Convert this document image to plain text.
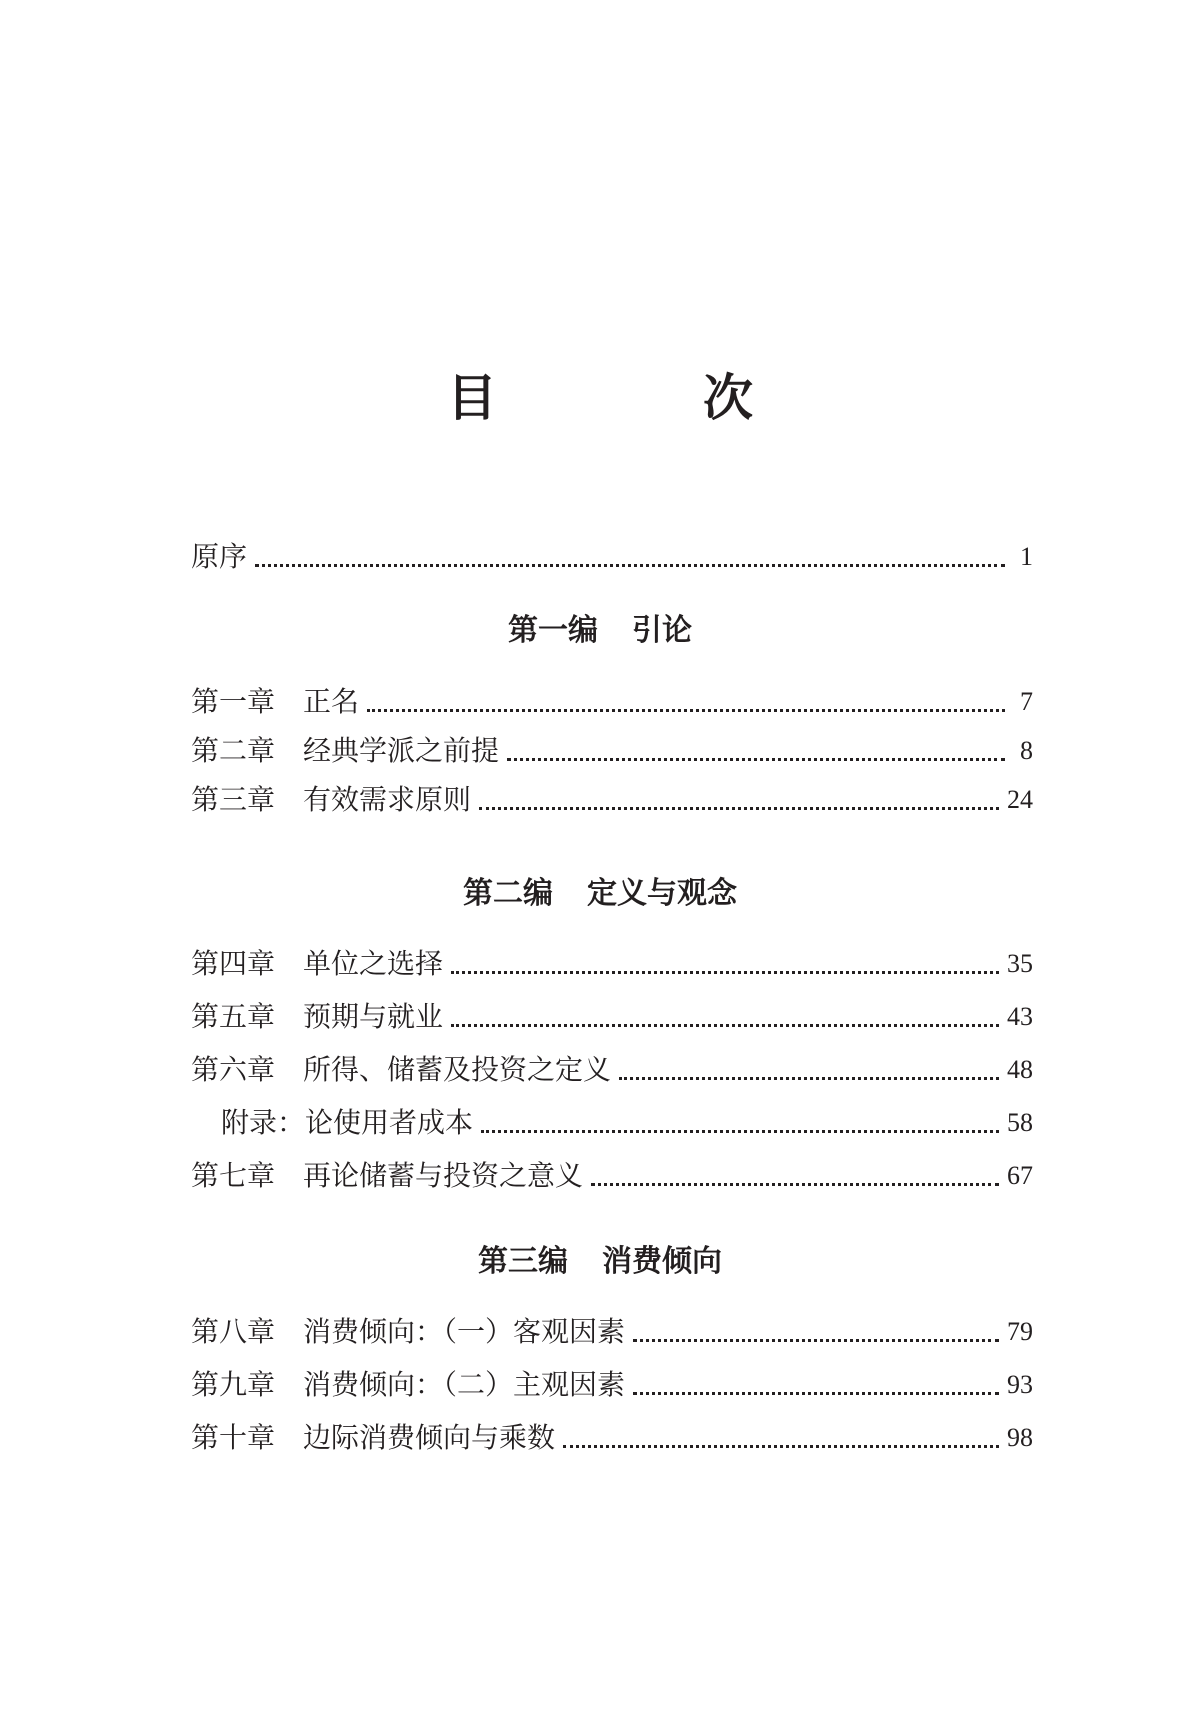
目　次
原序	1
第一编 引论
第一章 正名	7
第二章 经典学派之前提	8
第三章 有效需求原则	24
第二编 定义与观念
第四章 单位之选择	35
第五章 预期与就业	43
第六章 所得、储蓄及投资之定义	48
附录：论使用者成本	58
第七章 再论储蓄与投资之意义	67
第三编 消费倾向
第八章 消费倾向：（一）客观因素	79
第九章 消费倾向：（二）主观因素	93
第十章 边际消费倾向与乘数	98
